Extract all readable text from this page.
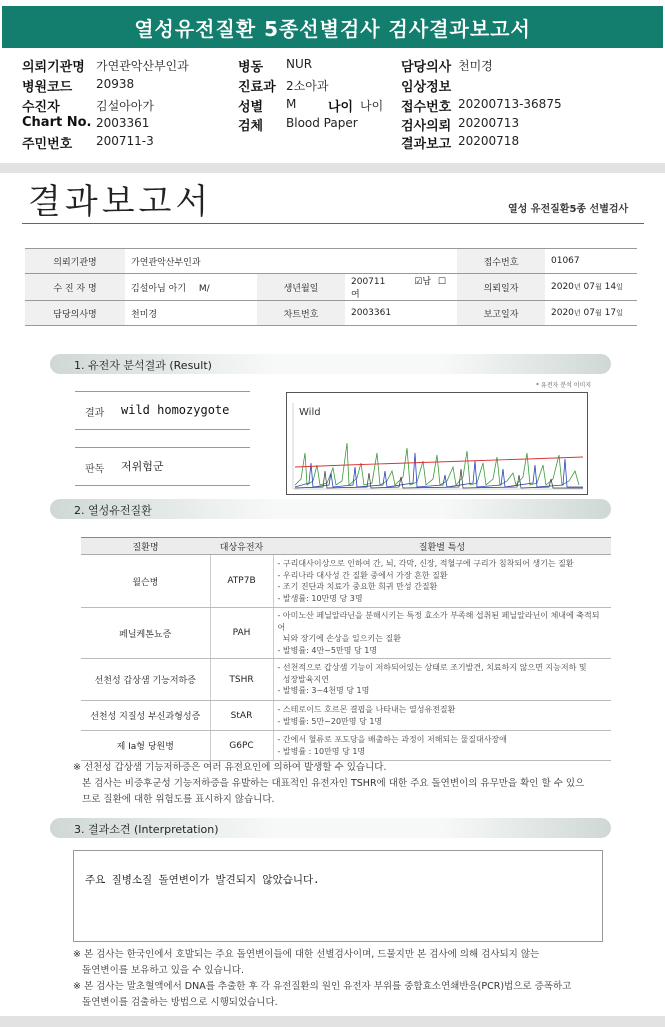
열성유전질환 5종선별검사 검사결과보고서
의뢰기관명 가연관악산부인과
병원코드 20938
수진자	김설아아가
Chart No. 2003361
주민번호 200711-3
병동 NUR
진료과 2소아과
성별 M 나이 나이
검체 Blood Paper
담당의사 천미경
임상정보
접수번호 20200713-36875
검사의뢰 20200713
결과보고 20200718
결과보고서	열성 유전질환5종 선별검사
의뢰기관명	가연관악산부인과			접수번호	01067
수 진 자 명	김설아님 아기 M/	생년월일	200711 ☑남 ☐여	의뢰일자	$2020^년$ $07^월$ $14^일$
담당의사명	천미경	차트번호	2003361	보고일자	$2020^년$ $07^월$ $17^일$
1. 유전자 분석결과 (Result)
결과 wild homozygote
판독 저위험군
* 유전자 분석 이미지
Wild
2. 열성유전질환
질환명	대상유전자	질환별 특성
윌슨병	ATP7B	- 구리대사이상으로 인하여 간, 뇌, 각막, 신장, 적혈구에 구리가 침착되어 생기는 질환
- 우리나라 대사성 간 질환 중에서 가장 흔한 질환
- 조기 진단과 치료가 중요한 희귀 만성 간질환
- 발생률: 10만명 당 3명

페닐케톤뇨증	PAH	- 아미노산 페닐알라닌을 분해시키는 특정 효소가 부족해 섭취된 페닐알라닌이 체내에 축적되어
뇌와 장기에 손상을 일으키는 질환
- 발병률: 4만~5만명 당 1명

선천성 갑상샘 기능저하증	TSHR	- 선천적으로 갑상샘 기능이 저하되어있는 상태로 조기발견, 치료하지 않으면 지능저하 및
성장발육지연
- 발병률: 3~4천명 당 1명

선천성 지질성 부신과형성증	StAR	- 스테로이드 호르몬 결핍을 나타내는 열성유전질환
- 발병률: 5만~20만명 당 1명

제 Ia형 당원병	G6PC	- 간에서 혈류로 포도당을 배출하는 과정이 저해되는 물질대사장애
- 발병률 : 10만명 당 1명
※ 선천성 갑상샘 기능저하증은 여러 유전요인에 의하여 발생할 수 있습니다.
본 검사는 비증후군성 기능저하증을 유발하는 대표적인 유전자인 TSHR에 대한 주요 돌연변이의 유무만을 확인 할 수 있으
므로 질환에 대한 위험도를 표시하지 않습니다.
3. 결과소견 (Interpretation)
주요 질병소질 돌연변이가 발견되지 않았습니다.
※ 본 검사는 한국인에서 호발되는 주요 돌연변이들에 대한 선별검사이며, 드물지만 본 검사에 의해 검사되지 않는
돌연변이를 보유하고 있을 수 있습니다.
※ 본 검사는 말초혈액에서 DNA를 추출한 후 각 유전질환의 원인 유전자 부위를 중합효소연쇄반응(PCR)법으로 증폭하고
돌연변이를 검출하는 방법으로 시행되었습니다.
